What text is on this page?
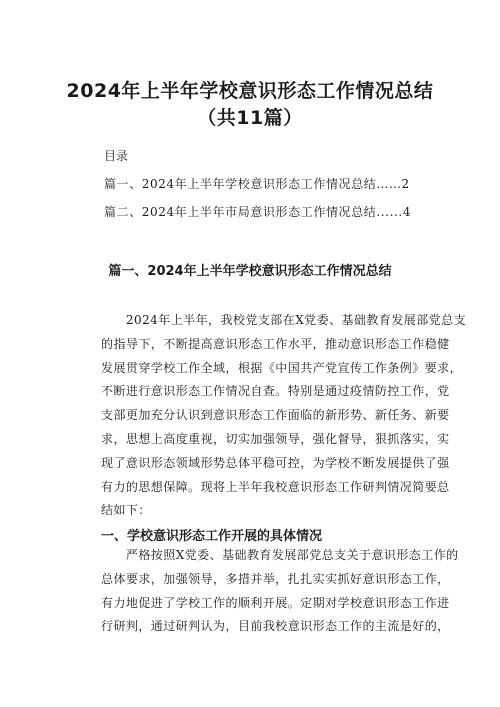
2024年上半年学校意识形态工作情况总结
（共11篇）
目录
篇一、2024年上半年学校意识形态工作情况总结……2
篇二、2024年上半年市局意识形态工作情况总结......4
篇一、2024年上半年学校意识形态工作情况总结
　　2024年上半年，我校党支部在X党委、基础教育发展部党总支
的指导下，不断提高意识形态工作水平，推动意识形态工作稳健
发展贯穿学校工作全域，根据《中国共产党宣传工作条例》要求，
不断进行意识形态工作情况自查。特别是通过疫情防控工作，党
支部更加充分认识到意识形态工作面临的新形势、新任务、新要
求，思想上高度重视，切实加强领导，强化督导，狠抓落实，实
现了意识形态领域形势总体平稳可控，为学校不断发展提供了强
有力的思想保障。现将上半年我校意识形态工作研判情况简要总
结如下：
一、学校意识形态工作开展的具体情况
　　严格按照X党委、基础教育发展部党总支关于意识形态工作的
总体要求，加强领导，多措并举，扎扎实实抓好意识形态工作，
有力地促进了学校工作的顺利开展。定期对学校意识形态工作进
行研判，通过研判认为，目前我校意识形态工作的主流是好的，
